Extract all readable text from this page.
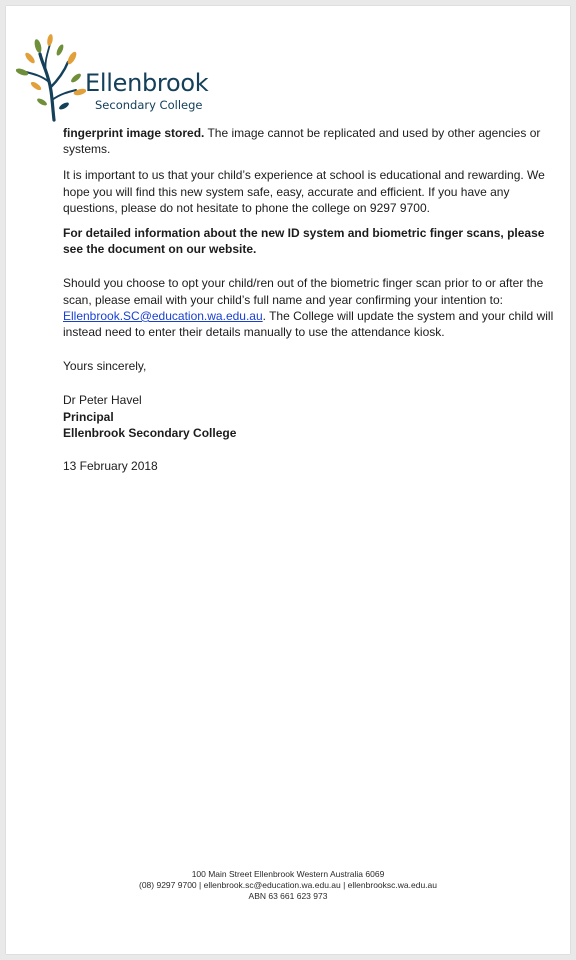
Ellenbrook
Secondary College

fingerprint image stored. The image cannot be replicated and used by other agencies or systems.

It is important to us that your child’s experience at school is educational and rewarding. We hope you will find this new system safe, easy, accurate and efficient. If you have any questions, please do not hesitate to phone the college on 9297 9700.

For detailed information about the new ID system and biometric finger scans, please see the document on our website.

Should you choose to opt your child/ren out of the biometric finger scan prior to or after the scan, please email with your child’s full name and year confirming your intention to: Ellenbrook.SC@education.wa.edu.au. The College will update the system and your child will instead need to enter their details manually to use the attendance kiosk.

Yours sincerely,

Dr Peter Havel
Principal
Ellenbrook Secondary College

13 February 2018

100 Main Street Ellenbrook Western Australia 6069
(08) 9297 9700 | ellenbrook.sc@education.wa.edu.au | ellenbrooksc.wa.edu.au
ABN 63 661 623 973
